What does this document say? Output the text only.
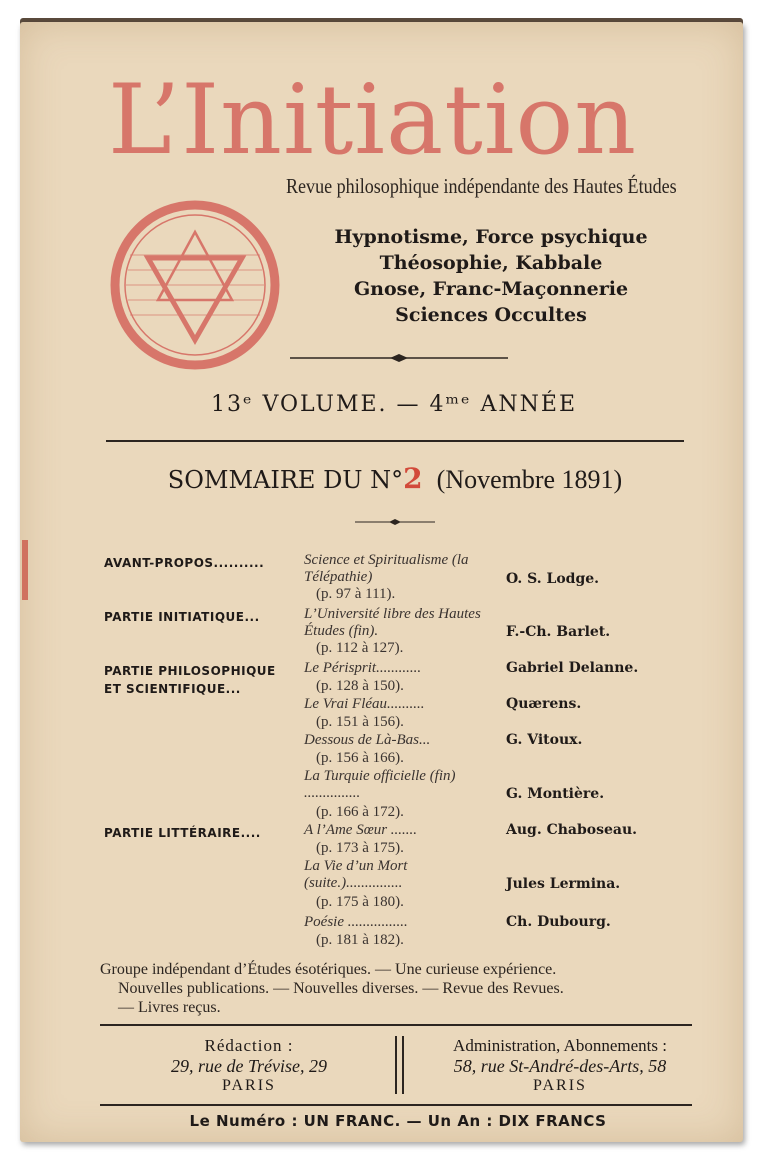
L’Initiation
Revue philosophique indépendante des Hautes Études
Hypnotisme, Force psychique
Théosophie, Kabbale
Gnose, Franc-Maçonnerie
Sciences Occultes
13ᵉ VOLUME. — 4ᵐᵉ ANNÉE
SOMMAIRE DU N°2 (Novembre 1891)
AVANT-PROPOS..........
PARTIE INITIATIQUE...
PARTIE PHILOSOPHIQUE
ET SCIENTIFIQUE...
PARTIE LITTÉRAIRE....
Science et Spiritualisme (la Télépathie)
(p. 97 à 111).
O. S. Lodge.
L’Université libre des Hautes Études (fin).
(p. 112 à 127).
F.-Ch. Barlet.
Le Périsprit............
(p. 128 à 150).
Gabriel Delanne.
Le Vrai Fléau..........
(p. 151 à 156).
Quærens.
Dessous de Là-Bas...
(p. 156 à 166).
G. Vitoux.
La Turquie officielle (fin) ...............
(p. 166 à 172).
G. Montière.
A l’Ame Sœur .......
(p. 173 à 175).
Aug. Chaboseau.
La Vie d’un Mort (suite.)...............
(p. 175 à 180).
Jules Lermina.
Poésie ................
(p. 181 à 182).
Ch. Dubourg.
Groupe indépendant d’Études ésotériques. — Une curieuse expérience.
Nouvelles publications. — Nouvelles diverses. — Revue des Revues.
— Livres reçus.
Rédaction :
29, rue de Trévise, 29
PARIS
Administration, Abonnements :
58, rue St-André-des-Arts, 58
PARIS
Le Numéro : UN FRANC. — Un An : DIX FRANCS
